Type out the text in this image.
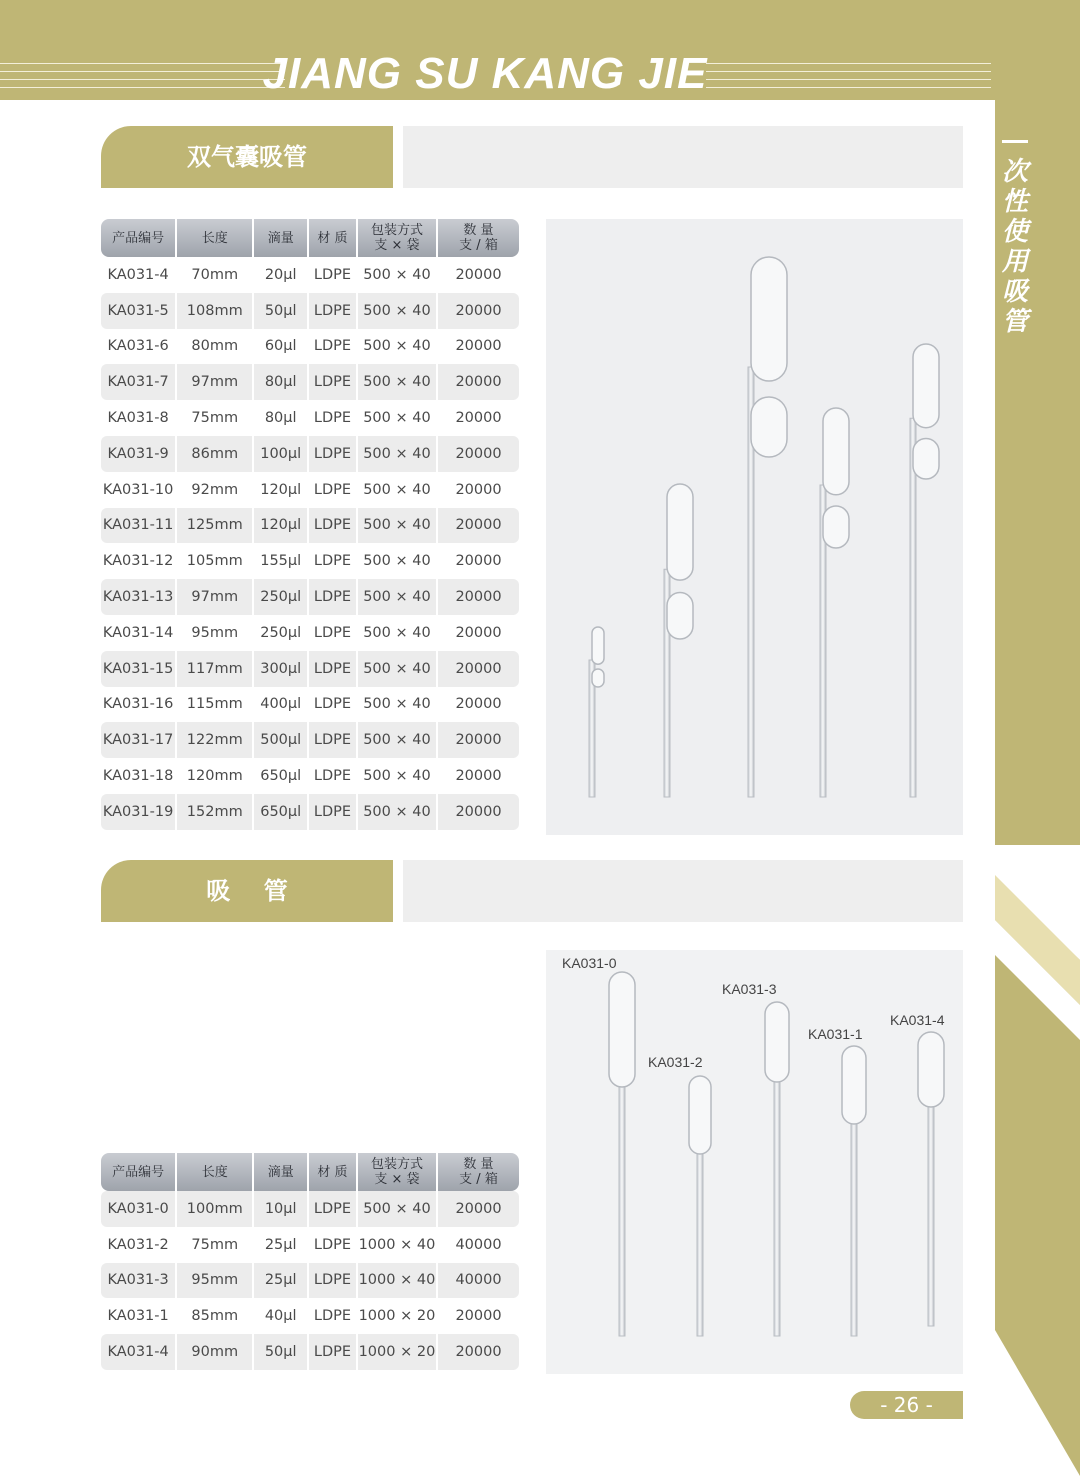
JIANG SU KANG JIE
次
性
使
用
吸
管
双气囊吸管
产品编号	长度	滴量	材 质	包装方式
支 × 袋
数 量
支 / 箱
KA031-4	70mm	20μl	LDPE 500 × 40	20000
KA031-5	108mm	50μl	LDPE 500 × 40	20000
KA031-6	80mm	60μl	LDPE 500 × 40	20000
KA031-7	97mm	80μl	LDPE 500 × 40	20000
KA031-8	75mm	80μl	LDPE 500 × 40	20000
KA031-9	86mm	100μl LDPE 500 × 40	20000
KA031-10	92mm	120μl LDPE 500 × 40	20000
KA031-11 125mm	120μl LDPE 500 × 40	20000
KA031-12 105mm	155μl LDPE 500 × 40	20000
KA031-13	97mm	250μl LDPE 500 × 40	20000
KA031-14	95mm	250μl LDPE 500 × 40	20000
KA031-15 117mm	300μl LDPE 500 × 40	20000
KA031-16 115mm	400μl LDPE 500 × 40	20000
KA031-17 122mm	500μl LDPE 500 × 40	20000
KA031-18 120mm	650μl LDPE 500 × 40	20000
KA031-19 152mm	650μl LDPE 500 × 40	20000
吸    管
KA031-0
KA031-2
KA031-3
KA031-1
KA031-4
产品编号	长度	滴量	材 质	包装方式
支 × 袋
数 量
支 / 箱
KA031-0	100mm	10μl	LDPE 500 × 40	20000
KA031-2	75mm	25μl	LDPE 1000 × 40	40000
KA031-3	95mm	25μl	LDPE 1000 × 40	40000
KA031-1	85mm	40μl	LDPE 1000 × 20	20000
KA031-4	90mm	50μl	LDPE 1000 × 20	20000
- 26 -
